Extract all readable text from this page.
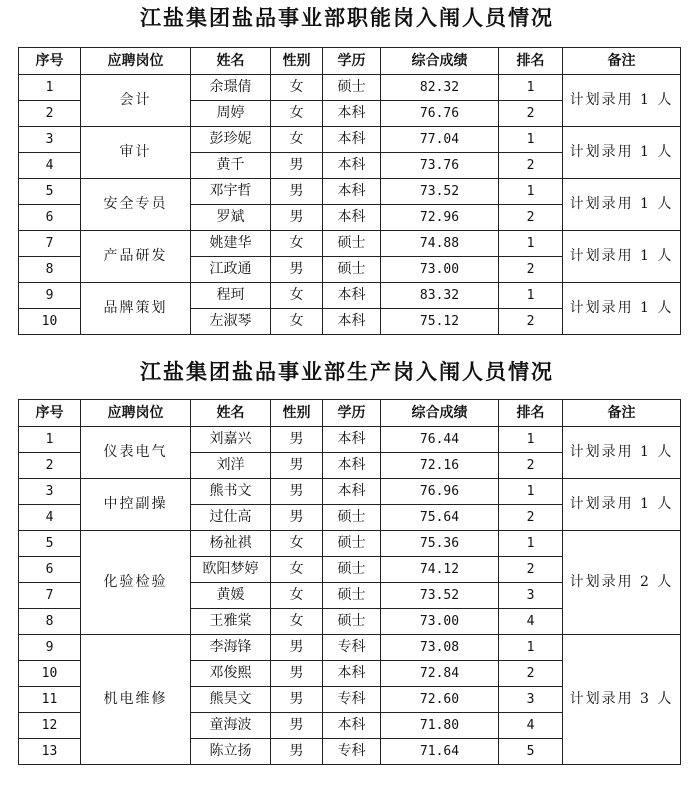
江盐集团盐品事业部职能岗入闱人员情况
序号	应聘岗位	姓名	性别	学历	综合成绩	排名	备注
1	会计	余璟倩	女	硕士	82.32	1	计划录用 1 人
2		周婷	女	本科	76.76	2	
3	审计	彭珍妮	女	本科	77.04	1	计划录用 1 人
4		黄千	男	本科	73.76	2	
5	安全专员	邓宇哲	男	本科	73.52	1	计划录用 1 人
6		罗斌	男	本科	72.96	2	
7	产品研发	姚建华	女	硕士	74.88	1	计划录用 1 人
8		江政通	男	硕士	73.00	2	
9	品牌策划	程珂	女	本科	83.32	1	计划录用 1 人
10		左淑琴	女	本科	75.12	2	
江盐集团盐品事业部生产岗入闱人员情况
序号	应聘岗位	姓名	性别	学历	综合成绩	排名	备注
1	仪表电气	刘嘉兴	男	本科	76.44	1	计划录用 1 人
2		刘洋	男	本科	72.16	2	
3	中控副操	熊书文	男	本科	76.96	1	计划录用 1 人
4		过仕高	男	硕士	75.64	2	
5	化验检验	杨祉祺	女	硕士	75.36	1	计划录用 2 人
6		欧阳梦婷	女	硕士	74.12	2	
7		黄媛	女	硕士	73.52	3	
8		王雅棠	女	硕士	73.00	4	
9	机电维修	李海锋	男	专科	73.08	1	计划录用 3 人
10		邓俊熙	男	本科	72.84	2	
11		熊昊文	男	专科	72.60	3	
12		童海波	男	本科	71.80	4	
13		陈立扬	男	专科	71.64	5	
